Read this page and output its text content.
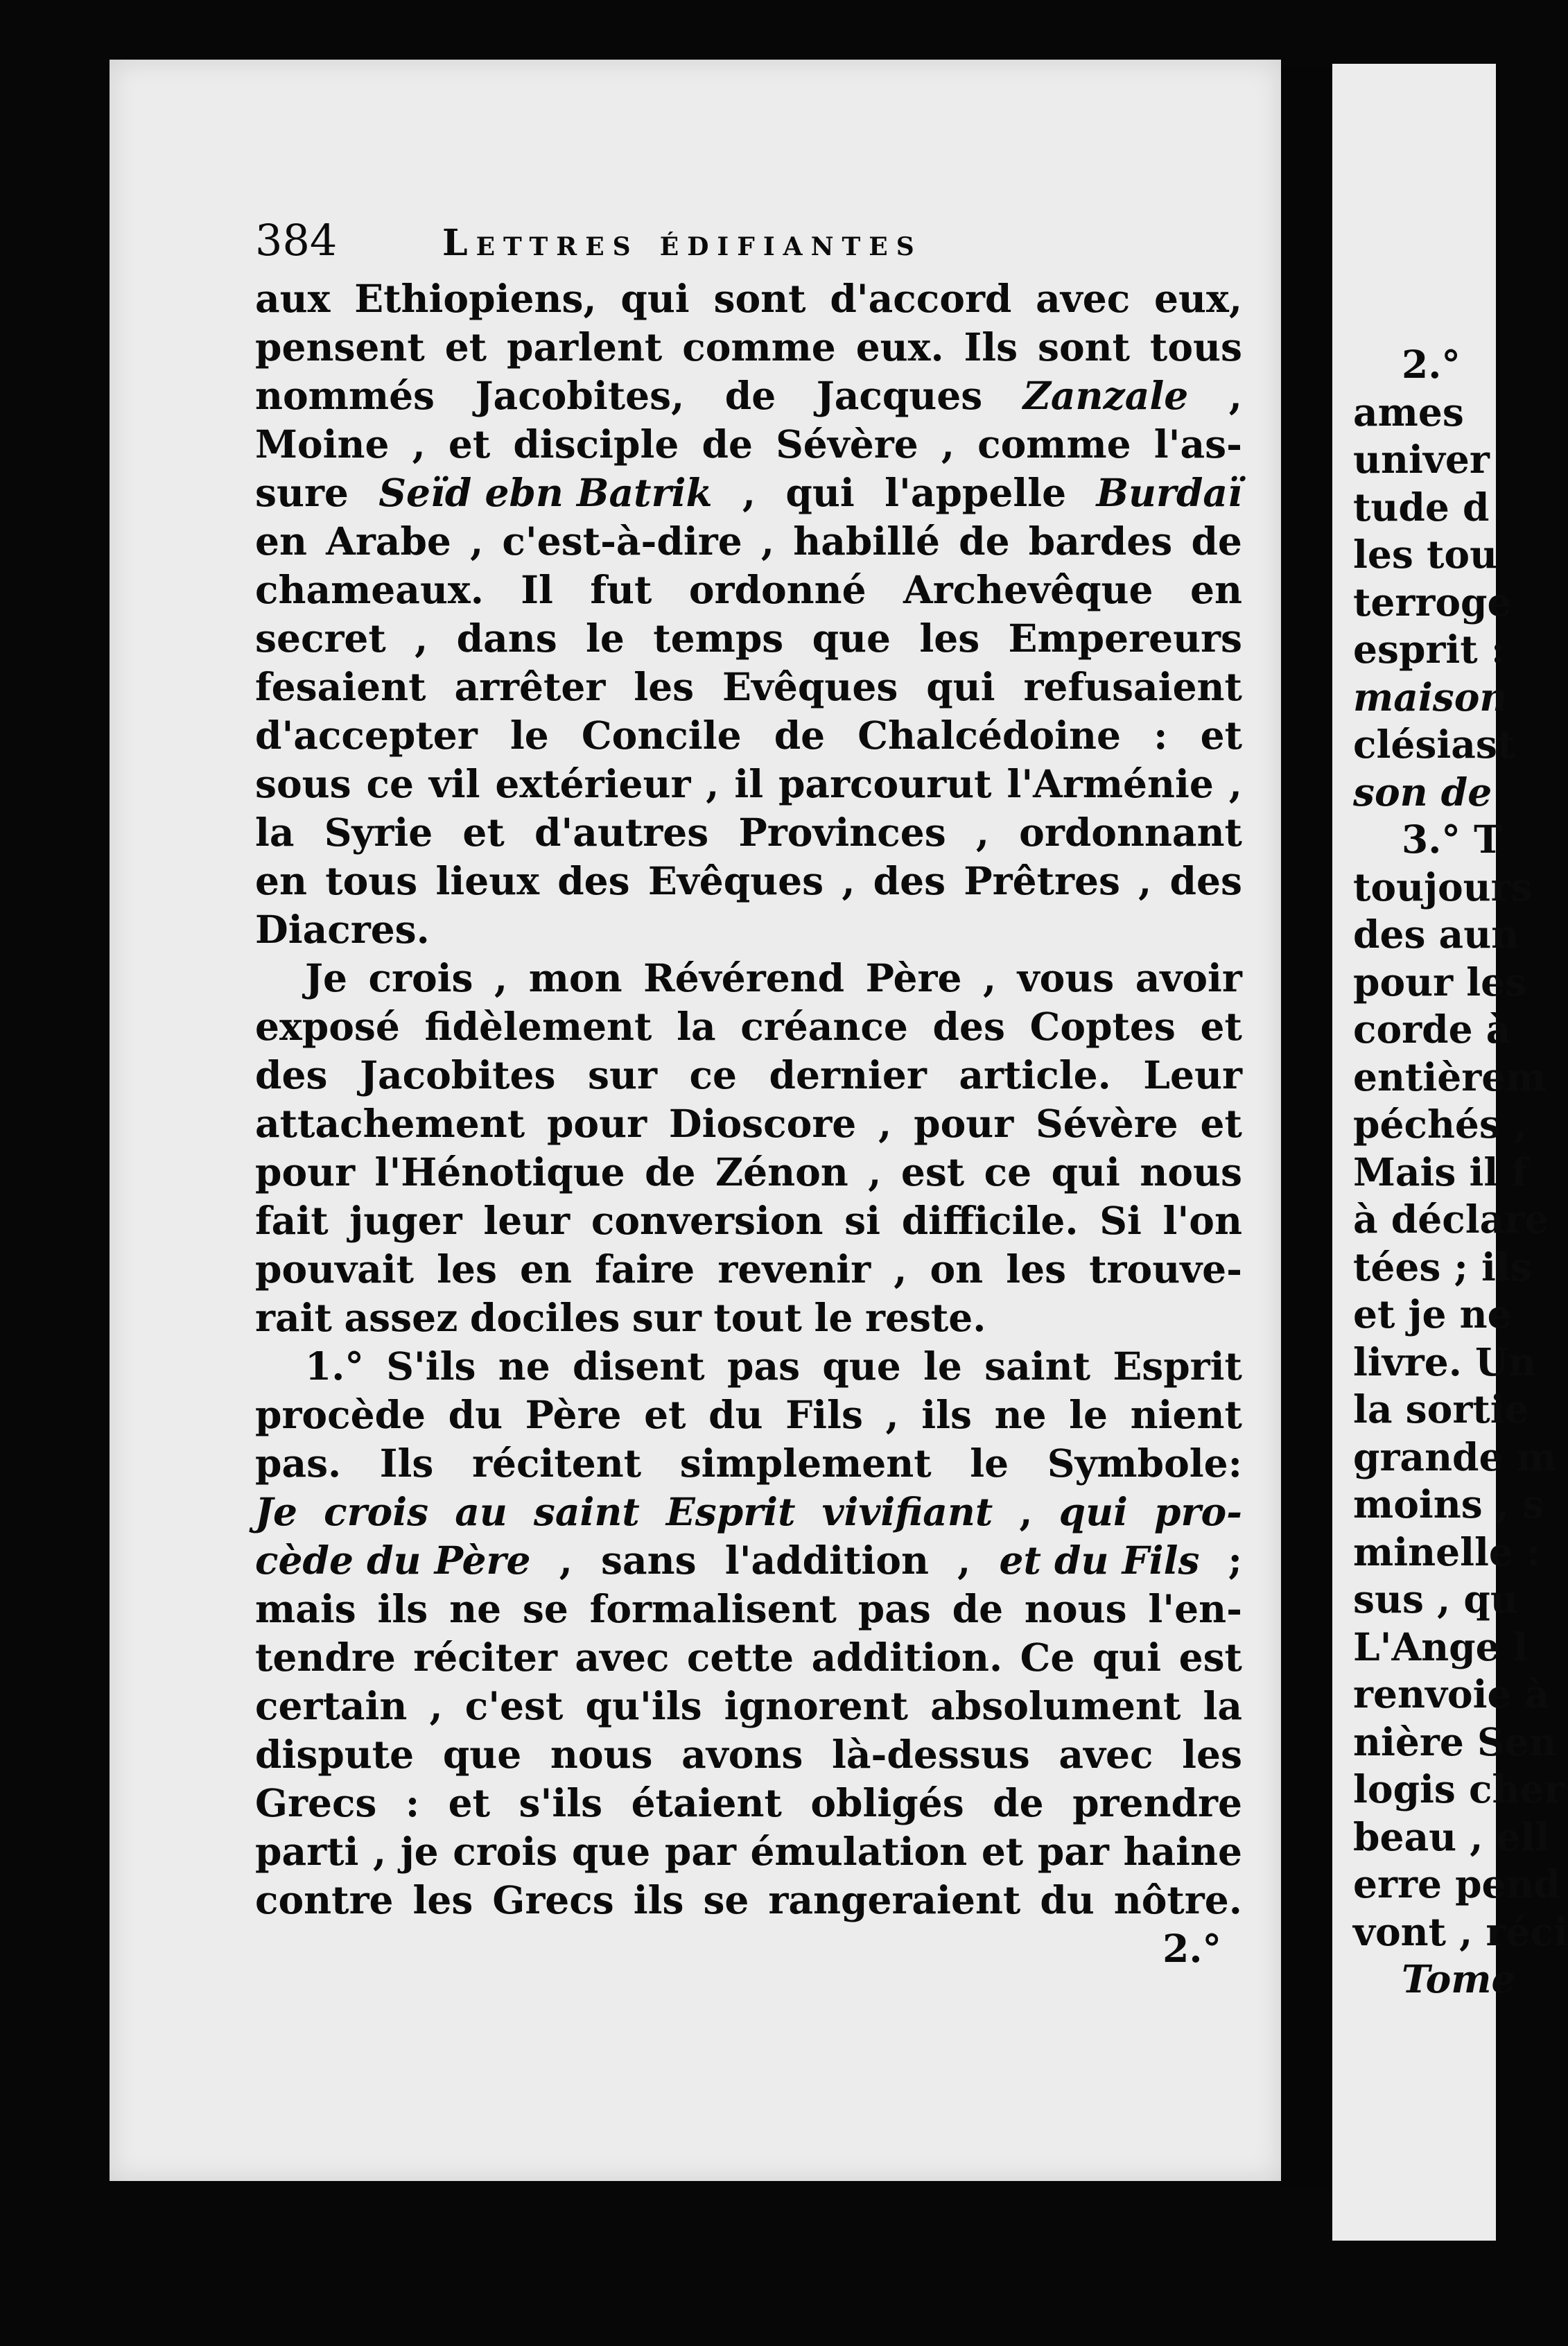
2.°
ames
univer
tude d
les tou
terroge
esprit :
maison
clésiast
son de
3.° T
toujours
des aun
pour les
corde à
entièrem
péchés ,
Mais il f
à déclare
tées ; ils
et je ne
livre. Un
la sortie
grande m
moins , s
minelle :
sus , qu
L'Ange l
renvoie à
nière Sen
logis cher
beau , ell
erre pend
vont , réci
Tome
384	Lettres édifiantes
aux Ethiopiens, qui sont d'accord avec eux,
pensent et parlent comme eux. Ils sont tous
nommés Jacobites, de Jacques Zanzale ,
Moine , et disciple de Sévère , comme l'as-
sure Seïd ebn Batrik , qui l'appelle Burdaï
en Arabe , c'est-à-dire , habillé de bardes de
chameaux. Il fut ordonné Archevêque en
secret , dans le temps que les Empereurs
fesaient arrêter les Evêques qui refusaient
d'accepter le Concile de Chalcédoine : et
sous ce vil extérieur , il parcourut l'Arménie ,
la Syrie et d'autres Provinces , ordonnant
en tous lieux des Evêques , des Prêtres , des
Diacres.
Je crois , mon Révérend Père , vous avoir
exposé fidèlement la créance des Coptes et
des Jacobites sur ce dernier article. Leur
attachement pour Dioscore , pour Sévère et
pour l'Hénotique de Zénon , est ce qui nous
fait juger leur conversion si difficile. Si l'on
pouvait les en faire revenir , on les trouve-
rait assez dociles sur tout le reste.
1.° S'ils ne disent pas que le saint Esprit
procède du Père et du Fils , ils ne le nient
pas. Ils récitent simplement le Symbole:
Je crois au saint Esprit vivifiant , qui pro-
cède du Père , sans l'addition , et du Fils ;
mais ils ne se formalisent pas de nous l'en-
tendre réciter avec cette addition. Ce qui est
certain , c'est qu'ils ignorent absolument la
dispute que nous avons là-dessus avec les
Grecs : et s'ils étaient obligés de prendre
parti , je crois que par émulation et par haine
contre les Grecs ils se rangeraient du nôtre.
2.°
